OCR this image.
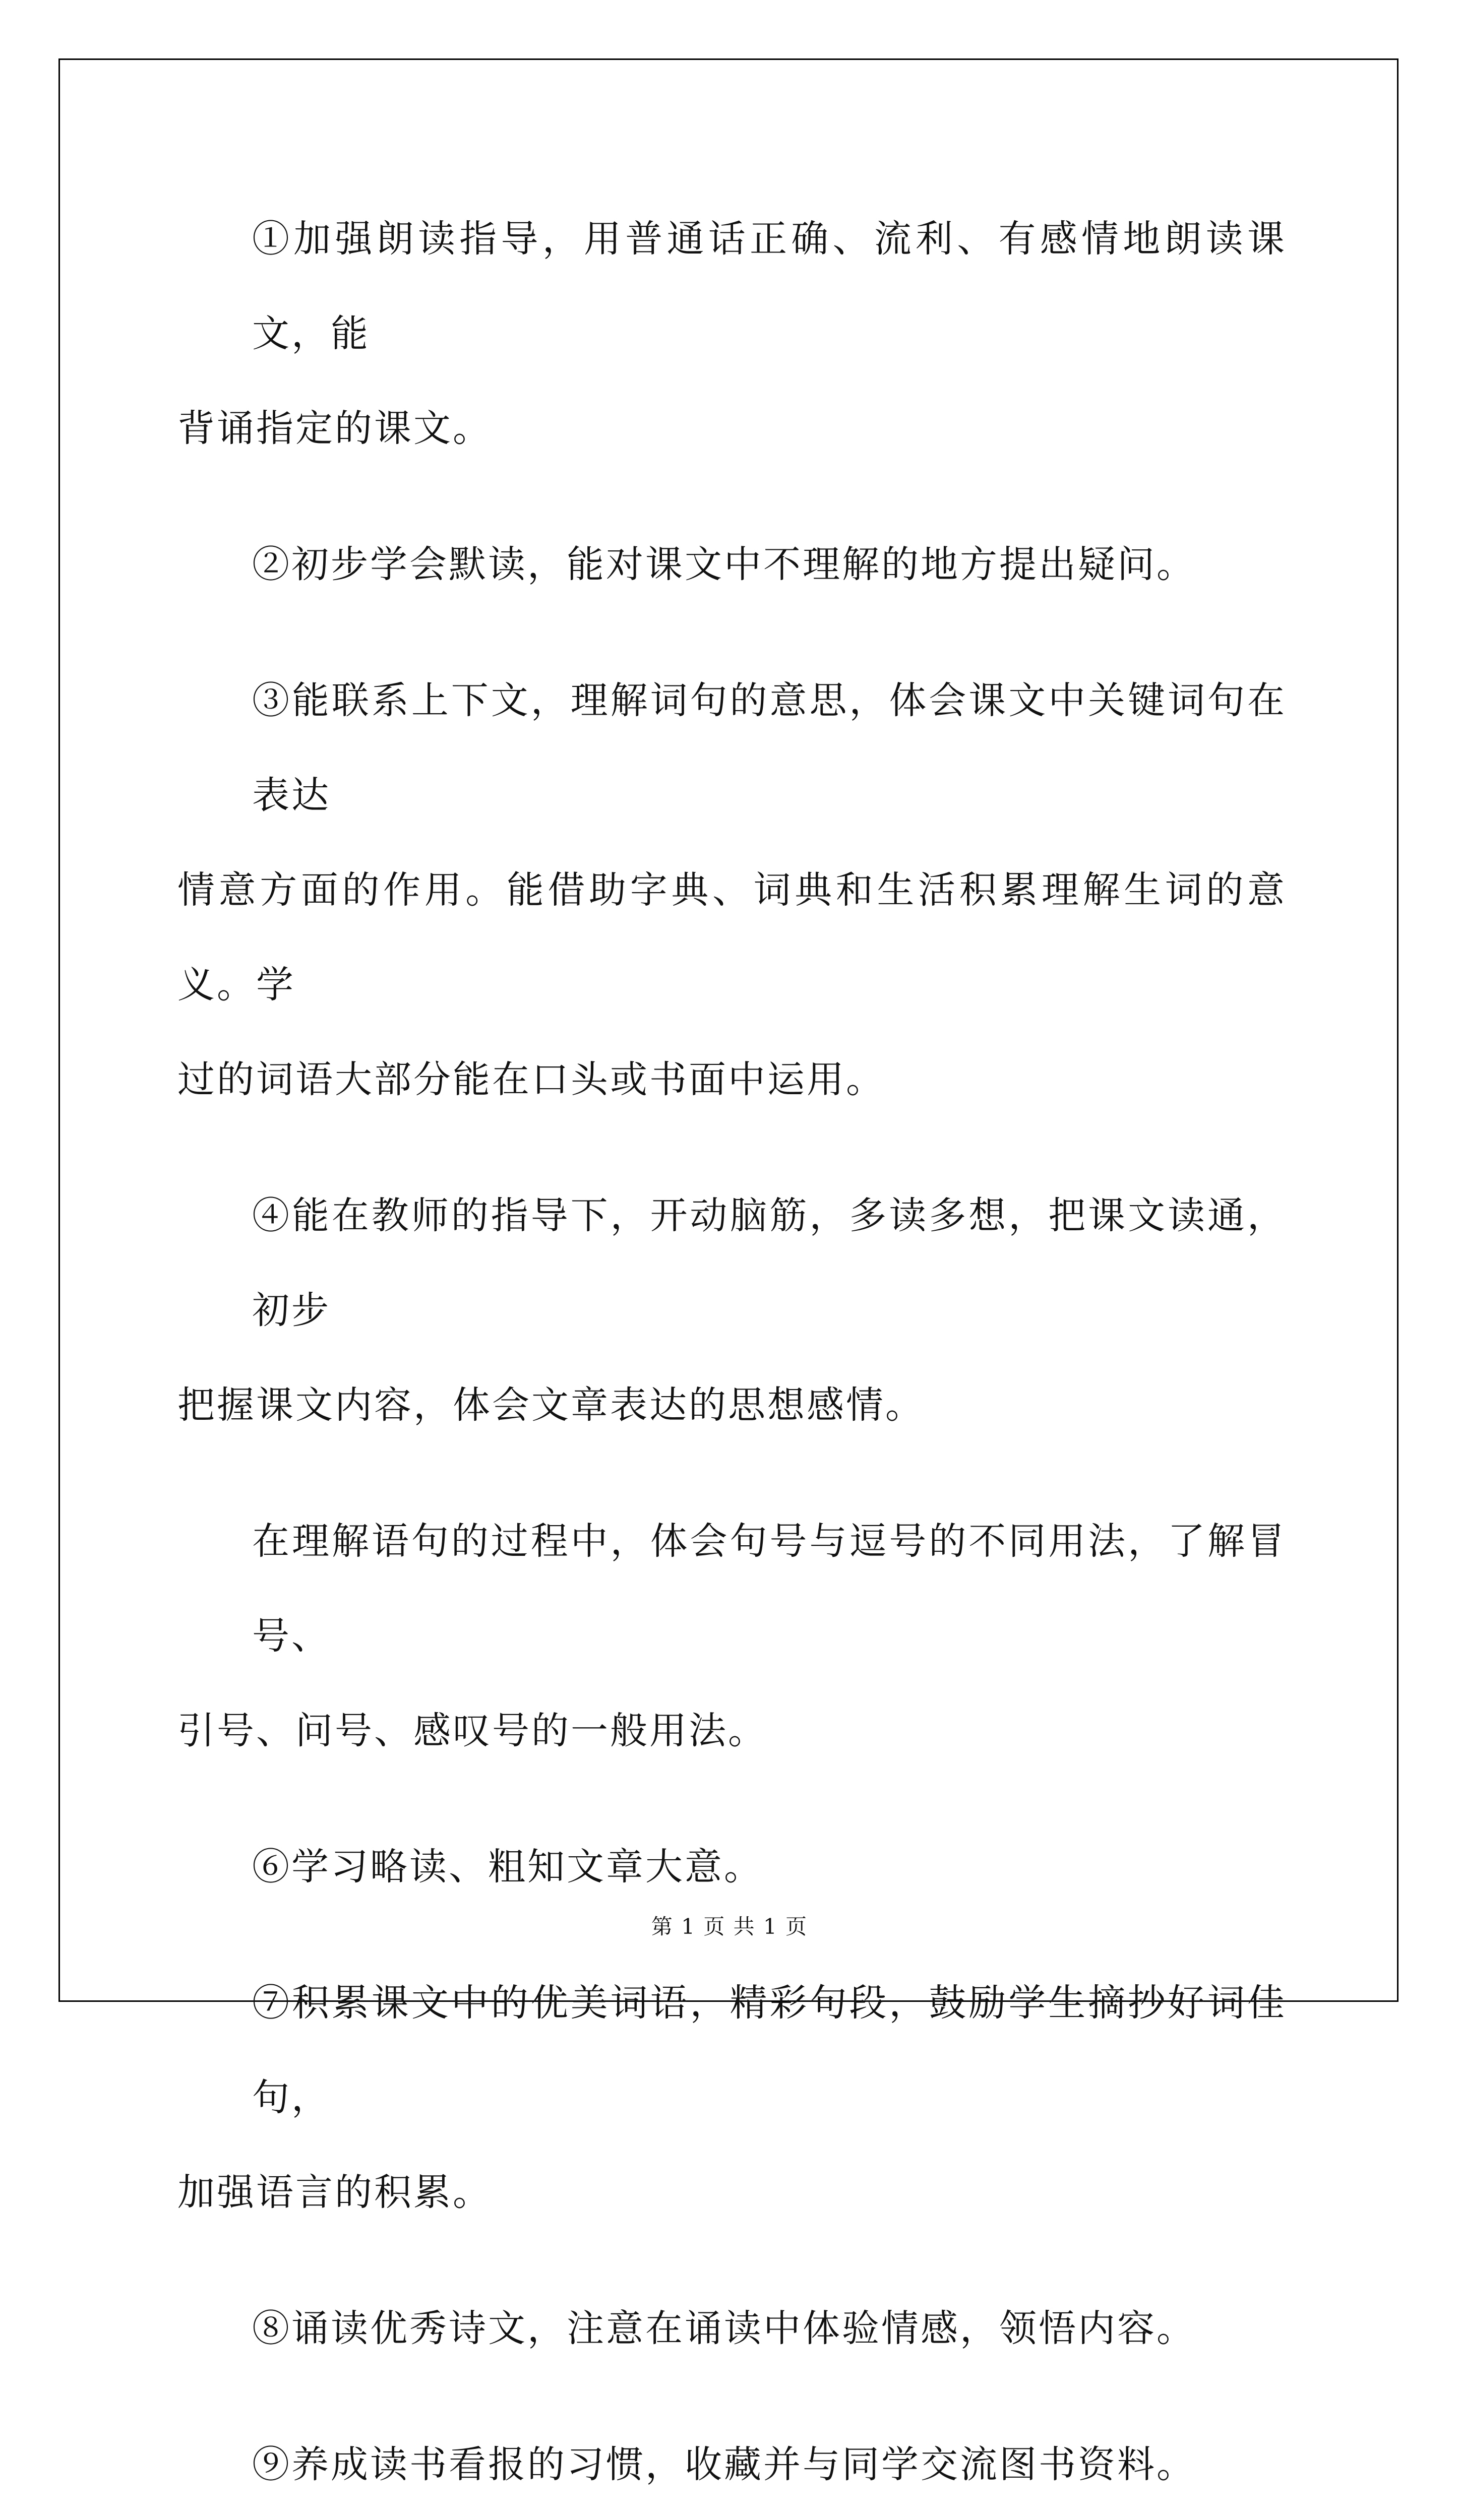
①加强朗读指导，用普通话正确、流利、有感情地朗读课文，能
背诵指定的课文。

②初步学会默读，能对课文中不理解的地方提出疑问。

③能联系上下文，理解词句的意思，体会课文中关键词句在表达
情意方面的作用。能借助字典、词典和生活积累理解生词的意义。学
过的词语大部分能在口头或书面中运用。

④能在教师的指导下，开动脑筋，多读多想，把课文读通，初步
把握课文内容，体会文章表达的思想感情。

在理解语句的过程中，体会句号与逗号的不同用法，了解冒号、
引号、问号、感叹号的一般用法。

⑥学习略读、粗知文章大意。

⑦积累课文中的优美词语，精彩句段，鼓励学生摘抄好词佳句，
加强语言的积累。

⑧诵读优秀诗文，注意在诵读中体验情感，领悟内容。

⑨养成读书看报的习惯，收藏并与同学交流图书资料。

第 1 页 共 1 页
